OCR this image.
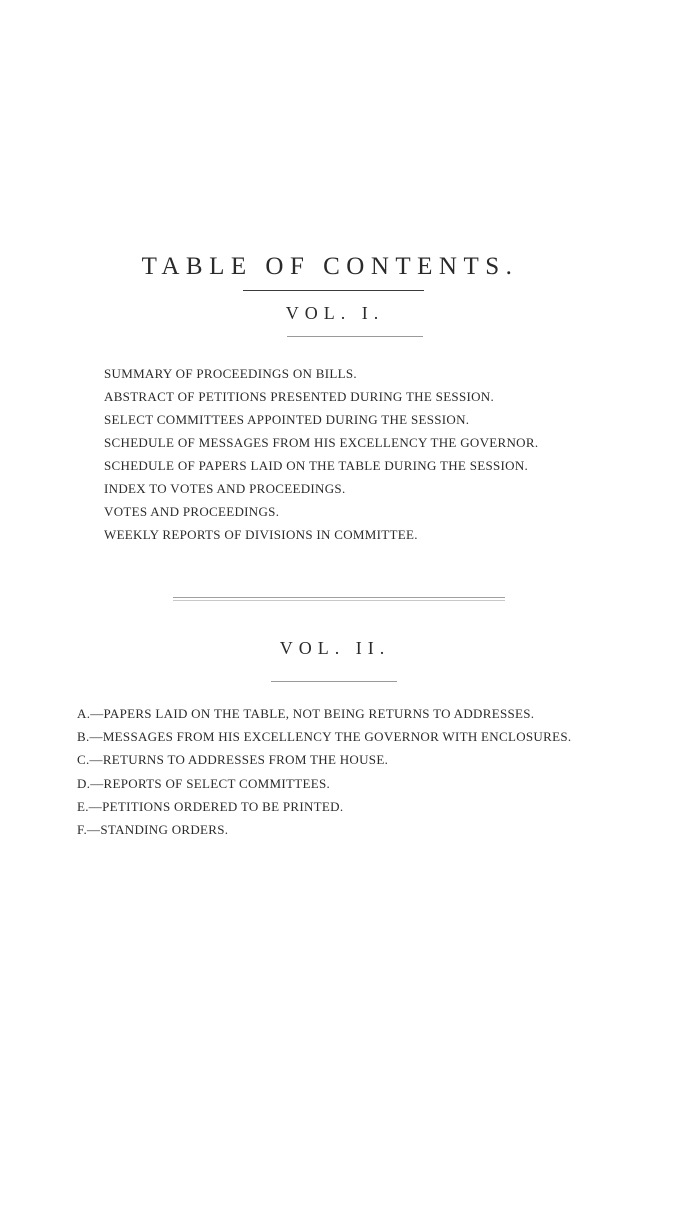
TABLE OF CONTENTS.
VOL. I.
SUMMARY OF PROCEEDINGS ON BILLS.
ABSTRACT OF PETITIONS PRESENTED DURING THE SESSION.
SELECT COMMITTEES APPOINTED DURING THE SESSION.
SCHEDULE OF MESSAGES FROM HIS EXCELLENCY THE GOVERNOR.
SCHEDULE OF PAPERS LAID ON THE TABLE DURING THE SESSION.
INDEX TO VOTES AND PROCEEDINGS.
VOTES AND PROCEEDINGS.
WEEKLY REPORTS OF DIVISIONS IN COMMITTEE.
VOL. II.
A.—PAPERS LAID ON THE TABLE, NOT BEING RETURNS TO ADDRESSES.
B.—MESSAGES FROM HIS EXCELLENCY THE GOVERNOR WITH ENCLOSURES.
C.—RETURNS TO ADDRESSES FROM THE HOUSE.
D.—REPORTS OF SELECT COMMITTEES.
E.—PETITIONS ORDERED TO BE PRINTED.
F.—STANDING ORDERS.
